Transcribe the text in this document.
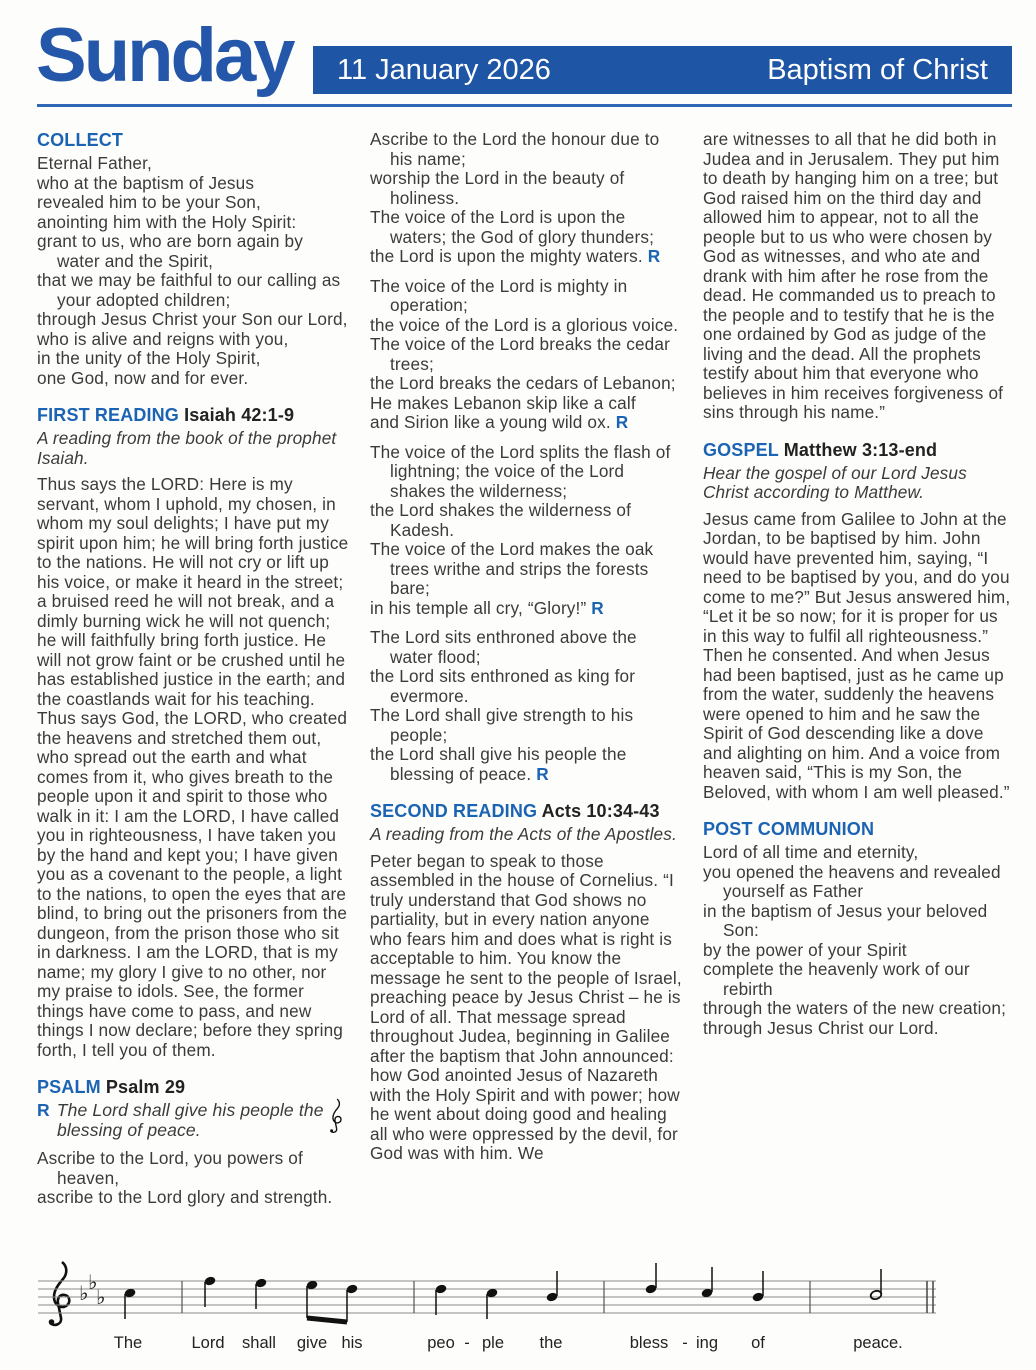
Sunday 11 January 2026	Baptism of Christ
COLLECT
Eternal Father,
who at the baptism of Jesus
revealed him to be your Son,
anointing him with the Holy Spirit:
grant to us, who are born again by water and the Spirit,
that we may be faithful to our calling as your adopted children;
through Jesus Christ your Son our Lord,
who is alive and reigns with you,
in the unity of the Holy Spirit,
one God, now and for ever.
FIRST READING Isaiah 42:1-9

A reading from the book of the prophet Isaiah.

Thus says the LORD: Here is my servant, whom I uphold, my chosen, in whom my soul delights; I have put my spirit upon him; he will bring forth justice to the nations. He will not cry or lift up his voice, or make it heard in the street; a bruised reed he will not break, and a dimly burning wick he will not quench; he will faithfully bring forth justice. He will not grow faint or be crushed until he has established justice in the earth; and the coastlands wait for his teaching. Thus says God, the LORD, who created the heavens and stretched them out, who spread out the earth and what comes from it, who gives breath to the people upon it and spirit to those who walk in it: I am the LORD, I have called you in righteousness, I have taken you by the hand and kept you; I have given you as a covenant to the people, a light to the nations, to open the eyes that are blind, to bring out the prisoners from the dungeon, from the prison those who sit in darkness. I am the LORD, that is my name; my glory I give to no other, nor my praise to idols. See, the former things have come to pass, and new things I now declare; before they spring forth, I tell you of them.

PSALM Psalm 29
R The Lord shall give his people the blessing of peace.
Ascribe to the Lord, you powers of heaven,
ascribe to the Lord glory and strength.
Ascribe to the Lord the honour due to his name;
worship the Lord in the beauty of holiness.
The voice of the Lord is upon the waters; the God of glory thunders;
the Lord is upon the mighty waters. R
The voice of the Lord is mighty in operation;
the voice of the Lord is a glorious voice.
The voice of the Lord breaks the cedar trees;
the Lord breaks the cedars of Lebanon;
He makes Lebanon skip like a calf
and Sirion like a young wild ox. R
The voice of the Lord splits the flash of lightning; the voice of the Lord shakes the wilderness;
the Lord shakes the wilderness of Kadesh.
The voice of the Lord makes the oak trees writhe and strips the forests bare;
in his temple all cry, “Glory!” R
The Lord sits enthroned above the water flood;
the Lord sits enthroned as king for evermore.
The Lord shall give strength to his people;
the Lord shall give his people the blessing of peace. R
SECOND READING Acts 10:34-43

A reading from the Acts of the Apostles.

Peter began to speak to those assembled in the house of Cornelius. “I truly understand that God shows no partiality, but in every nation anyone who fears him and does what is right is acceptable to him. You know the message he sent to the people of Israel, preaching peace by Jesus Christ – he is Lord of all. That message spread throughout Judea, beginning in Galilee after the baptism that John announced: how God anointed Jesus of Nazareth with the Holy Spirit and with power; how he went about doing good and healing all who were oppressed by the devil, for God was with him. We

are witnesses to all that he did both in Judea and in Jerusalem. They put him to death by hanging him on a tree; but God raised him on the third day and allowed him to appear, not to all the people but to us who were chosen by God as witnesses, and who ate and drank with him after he rose from the dead. He commanded us to preach to the people and to testify that he is the one ordained by God as judge of the living and the dead. All the prophets testify about him that everyone who believes in him receives forgiveness of sins through his name.”

GOSPEL Matthew 3:13-end

Hear the gospel of our Lord Jesus Christ according to Matthew.

Jesus came from Galilee to John at the Jordan, to be baptised by him. John would have prevented him, saying, “I need to be baptised by you, and do you come to me?” But Jesus answered him, “Let it be so now; for it is proper for us in this way to fulfil all righteousness.” Then he consented. And when Jesus had been baptised, just as he came up from the water, suddenly the heavens were opened to him and he saw the Spirit of God descending like a dove and alighting on him. And a voice from heaven said, “This is my Son, the Beloved, with whom I am well pleased.”

POST COMMUNION
Lord of all time and eternity,
you opened the heavens and revealed yourself as Father
in the baptism of Jesus your beloved Son:
by the power of your Spirit
complete the heavenly work of our rebirth
through the waters of the new creation;
through Jesus Christ our Lord.
♭ ♭
♭
The	Lord shall give his	peo - ple the	bless - ing of	peace.
